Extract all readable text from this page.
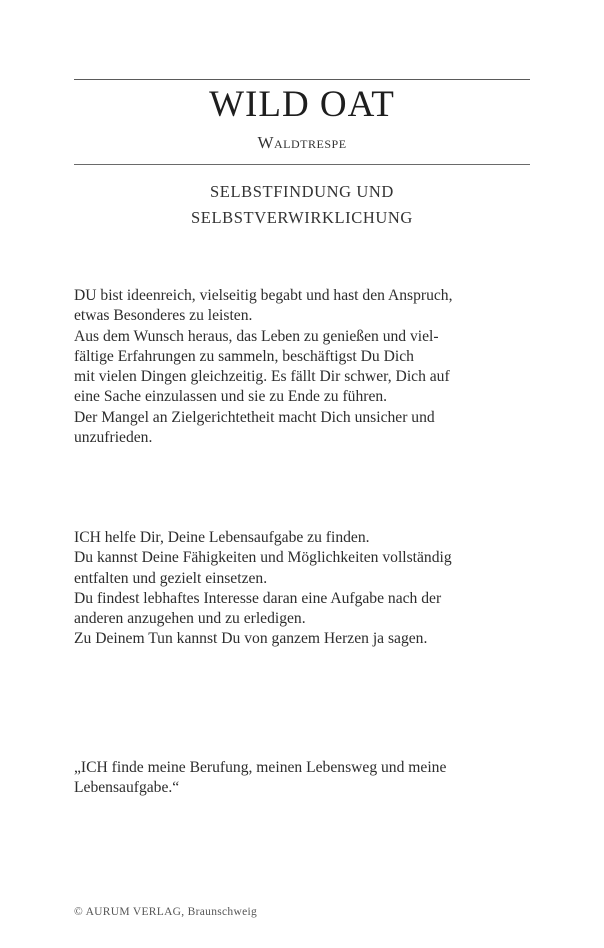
WILD OAT
Waldtrespe
SELBSTFINDUNG UND
SELBSTVERWIRKLICHUNG
DU bist ideenreich, vielseitig begabt und hast den Anspruch,
etwas Besonderes zu leisten.
Aus dem Wunsch heraus, das Leben zu genießen und viel-
fältige Erfahrungen zu sammeln, beschäftigst Du Dich
mit vielen Dingen gleichzeitig. Es fällt Dir schwer, Dich auf
eine Sache einzulassen und sie zu Ende zu führen.
Der Mangel an Zielgerichtetheit macht Dich unsicher und
unzufrieden.
ICH helfe Dir, Deine Lebensaufgabe zu finden.
Du kannst Deine Fähigkeiten und Möglichkeiten vollständig
entfalten und gezielt einsetzen.
Du findest lebhaftes Interesse daran eine Aufgabe nach der
anderen anzugehen und zu erledigen.
Zu Deinem Tun kannst Du von ganzem Herzen ja sagen.
„ICH finde meine Berufung, meinen Lebensweg und meine
Lebensaufgabe.“
© AURUM VERLAG, Braunschweig
